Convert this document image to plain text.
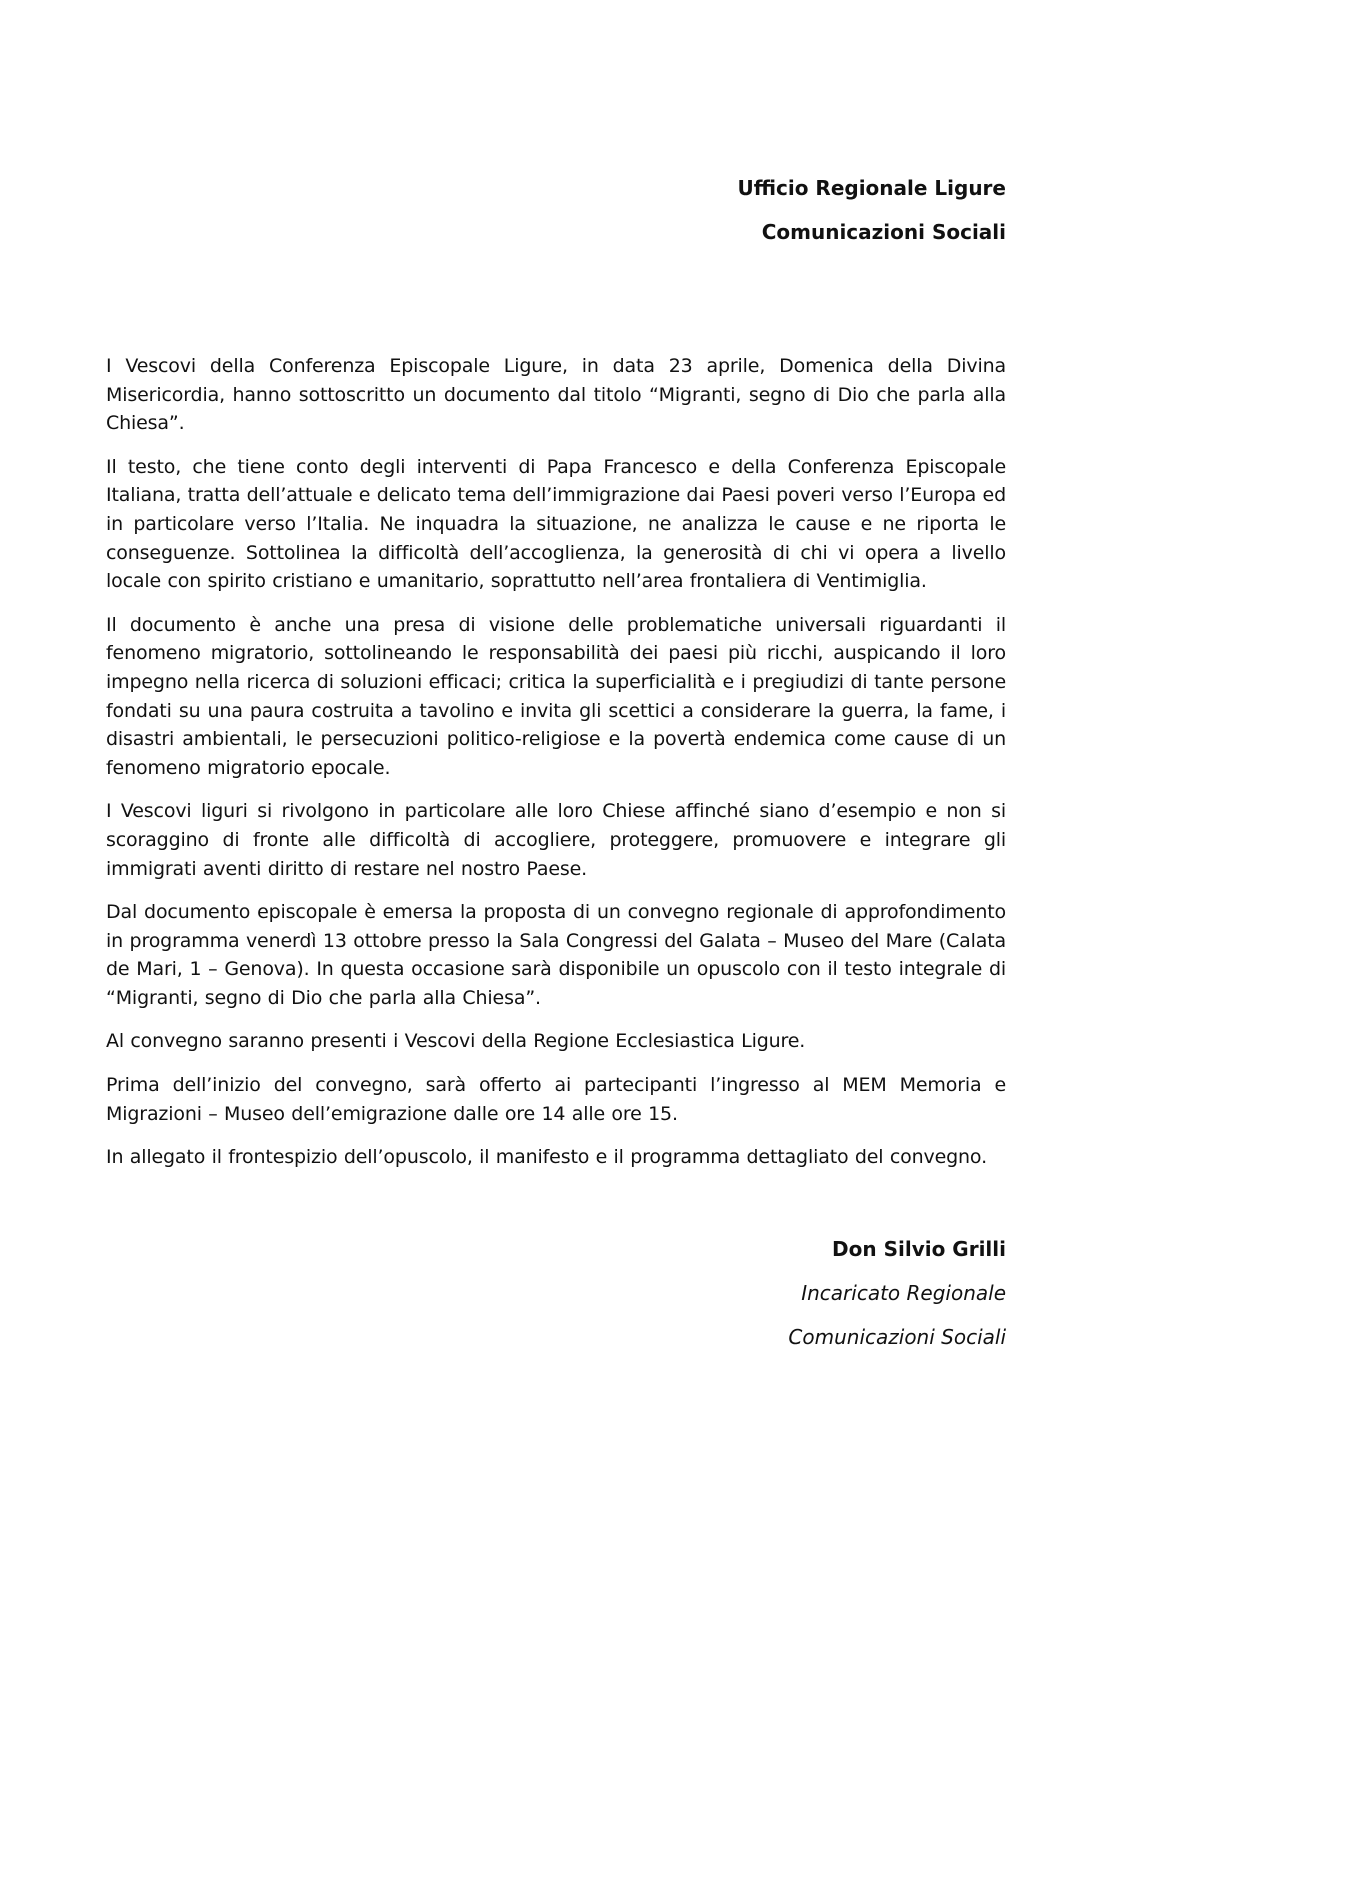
Ufficio Regionale Ligure
Comunicazioni Sociali

I Vescovi della Conferenza Episcopale Ligure, in data 23 aprile, Domenica della Divina Misericordia, hanno sottoscritto un documento dal titolo “Migranti, segno di Dio che parla alla Chiesa”.

Il testo, che tiene conto degli interventi di Papa Francesco e della Conferenza Episcopale Italiana, tratta dell’attuale e delicato tema dell’immigrazione dai Paesi poveri verso l’Europa ed in particolare verso l’Italia. Ne inquadra la situazione, ne analizza le cause e ne riporta le conseguenze. Sottolinea la difficoltà dell’accoglienza, la generosità di chi vi opera a livello locale con spirito cristiano e umanitario, soprattutto nell’area frontaliera di Ventimiglia.

Il documento è anche una presa di visione delle problematiche universali riguardanti il fenomeno migratorio, sottolineando le responsabilità dei paesi più ricchi, auspicando il loro impegno nella ricerca di soluzioni efficaci; critica la superficialità e i pregiudizi di tante persone fondati su una paura costruita a tavolino e invita gli scettici a considerare la guerra, la fame, i disastri ambientali, le persecuzioni politico-religiose e la povertà endemica come cause di un fenomeno migratorio epocale.

I Vescovi liguri si rivolgono in particolare alle loro Chiese affinché siano d’esempio e non si scoraggino di fronte alle difficoltà di accogliere, proteggere, promuovere e integrare gli immigrati aventi diritto di restare nel nostro Paese.

Dal documento episcopale è emersa la proposta di un convegno regionale di approfondimento in programma venerdì 13 ottobre presso la Sala Congressi del Galata – Museo del Mare (Calata de Mari, 1 – Genova). In questa occasione sarà disponibile un opuscolo con il testo integrale di “Migranti, segno di Dio che parla alla Chiesa”.

Al convegno saranno presenti i Vescovi della Regione Ecclesiastica Ligure.

Prima dell’inizio del convegno, sarà offerto ai partecipanti l’ingresso al MEM Memoria e Migrazioni – Museo dell’emigrazione dalle ore 14 alle ore 15.

In allegato il frontespizio dell’opuscolo, il manifesto e il programma dettagliato del convegno.

Don Silvio Grilli
Incaricato Regionale
Comunicazioni Sociali
